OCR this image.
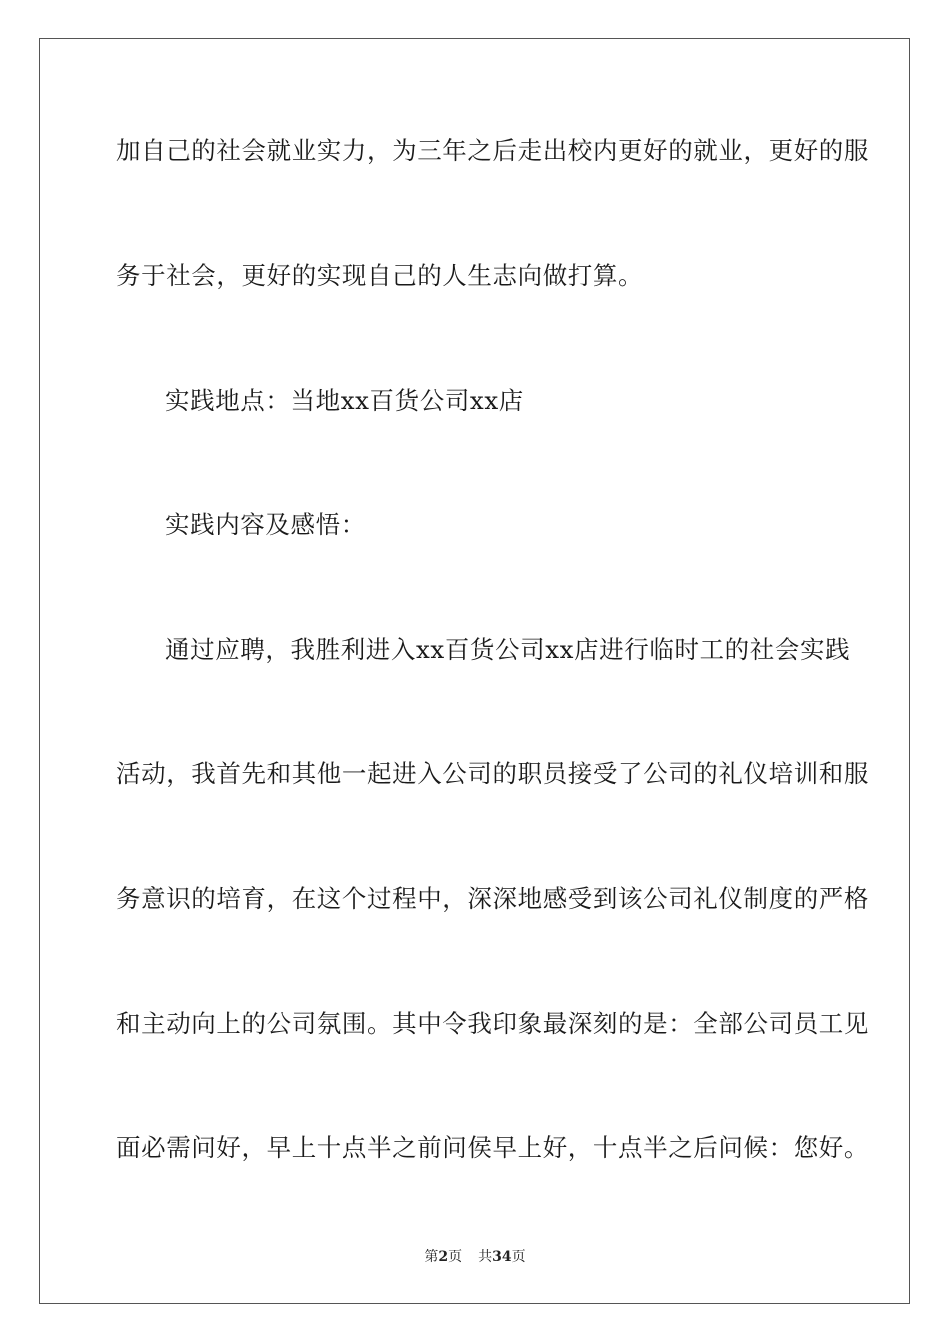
加自己的社会就业实力，为三年之后走出校内更好的就业，更好的服
务于社会，更好的实现自己的人生志向做打算。
实践地点：当地xx百货公司xx店
实践内容及感悟：
通过应聘，我胜利进入xx百货公司xx店进行临时工的社会实践
活动，我首先和其他一起进入公司的职员接受了公司的礼仪培训和服
务意识的培育，在这个过程中，深深地感受到该公司礼仪制度的严格
和主动向上的公司氛围。其中令我印象最深刻的是：全部公司员工见
面必需问好，早上十点半之前问侯早上好，十点半之后问候：您好。
第2页 共34页
